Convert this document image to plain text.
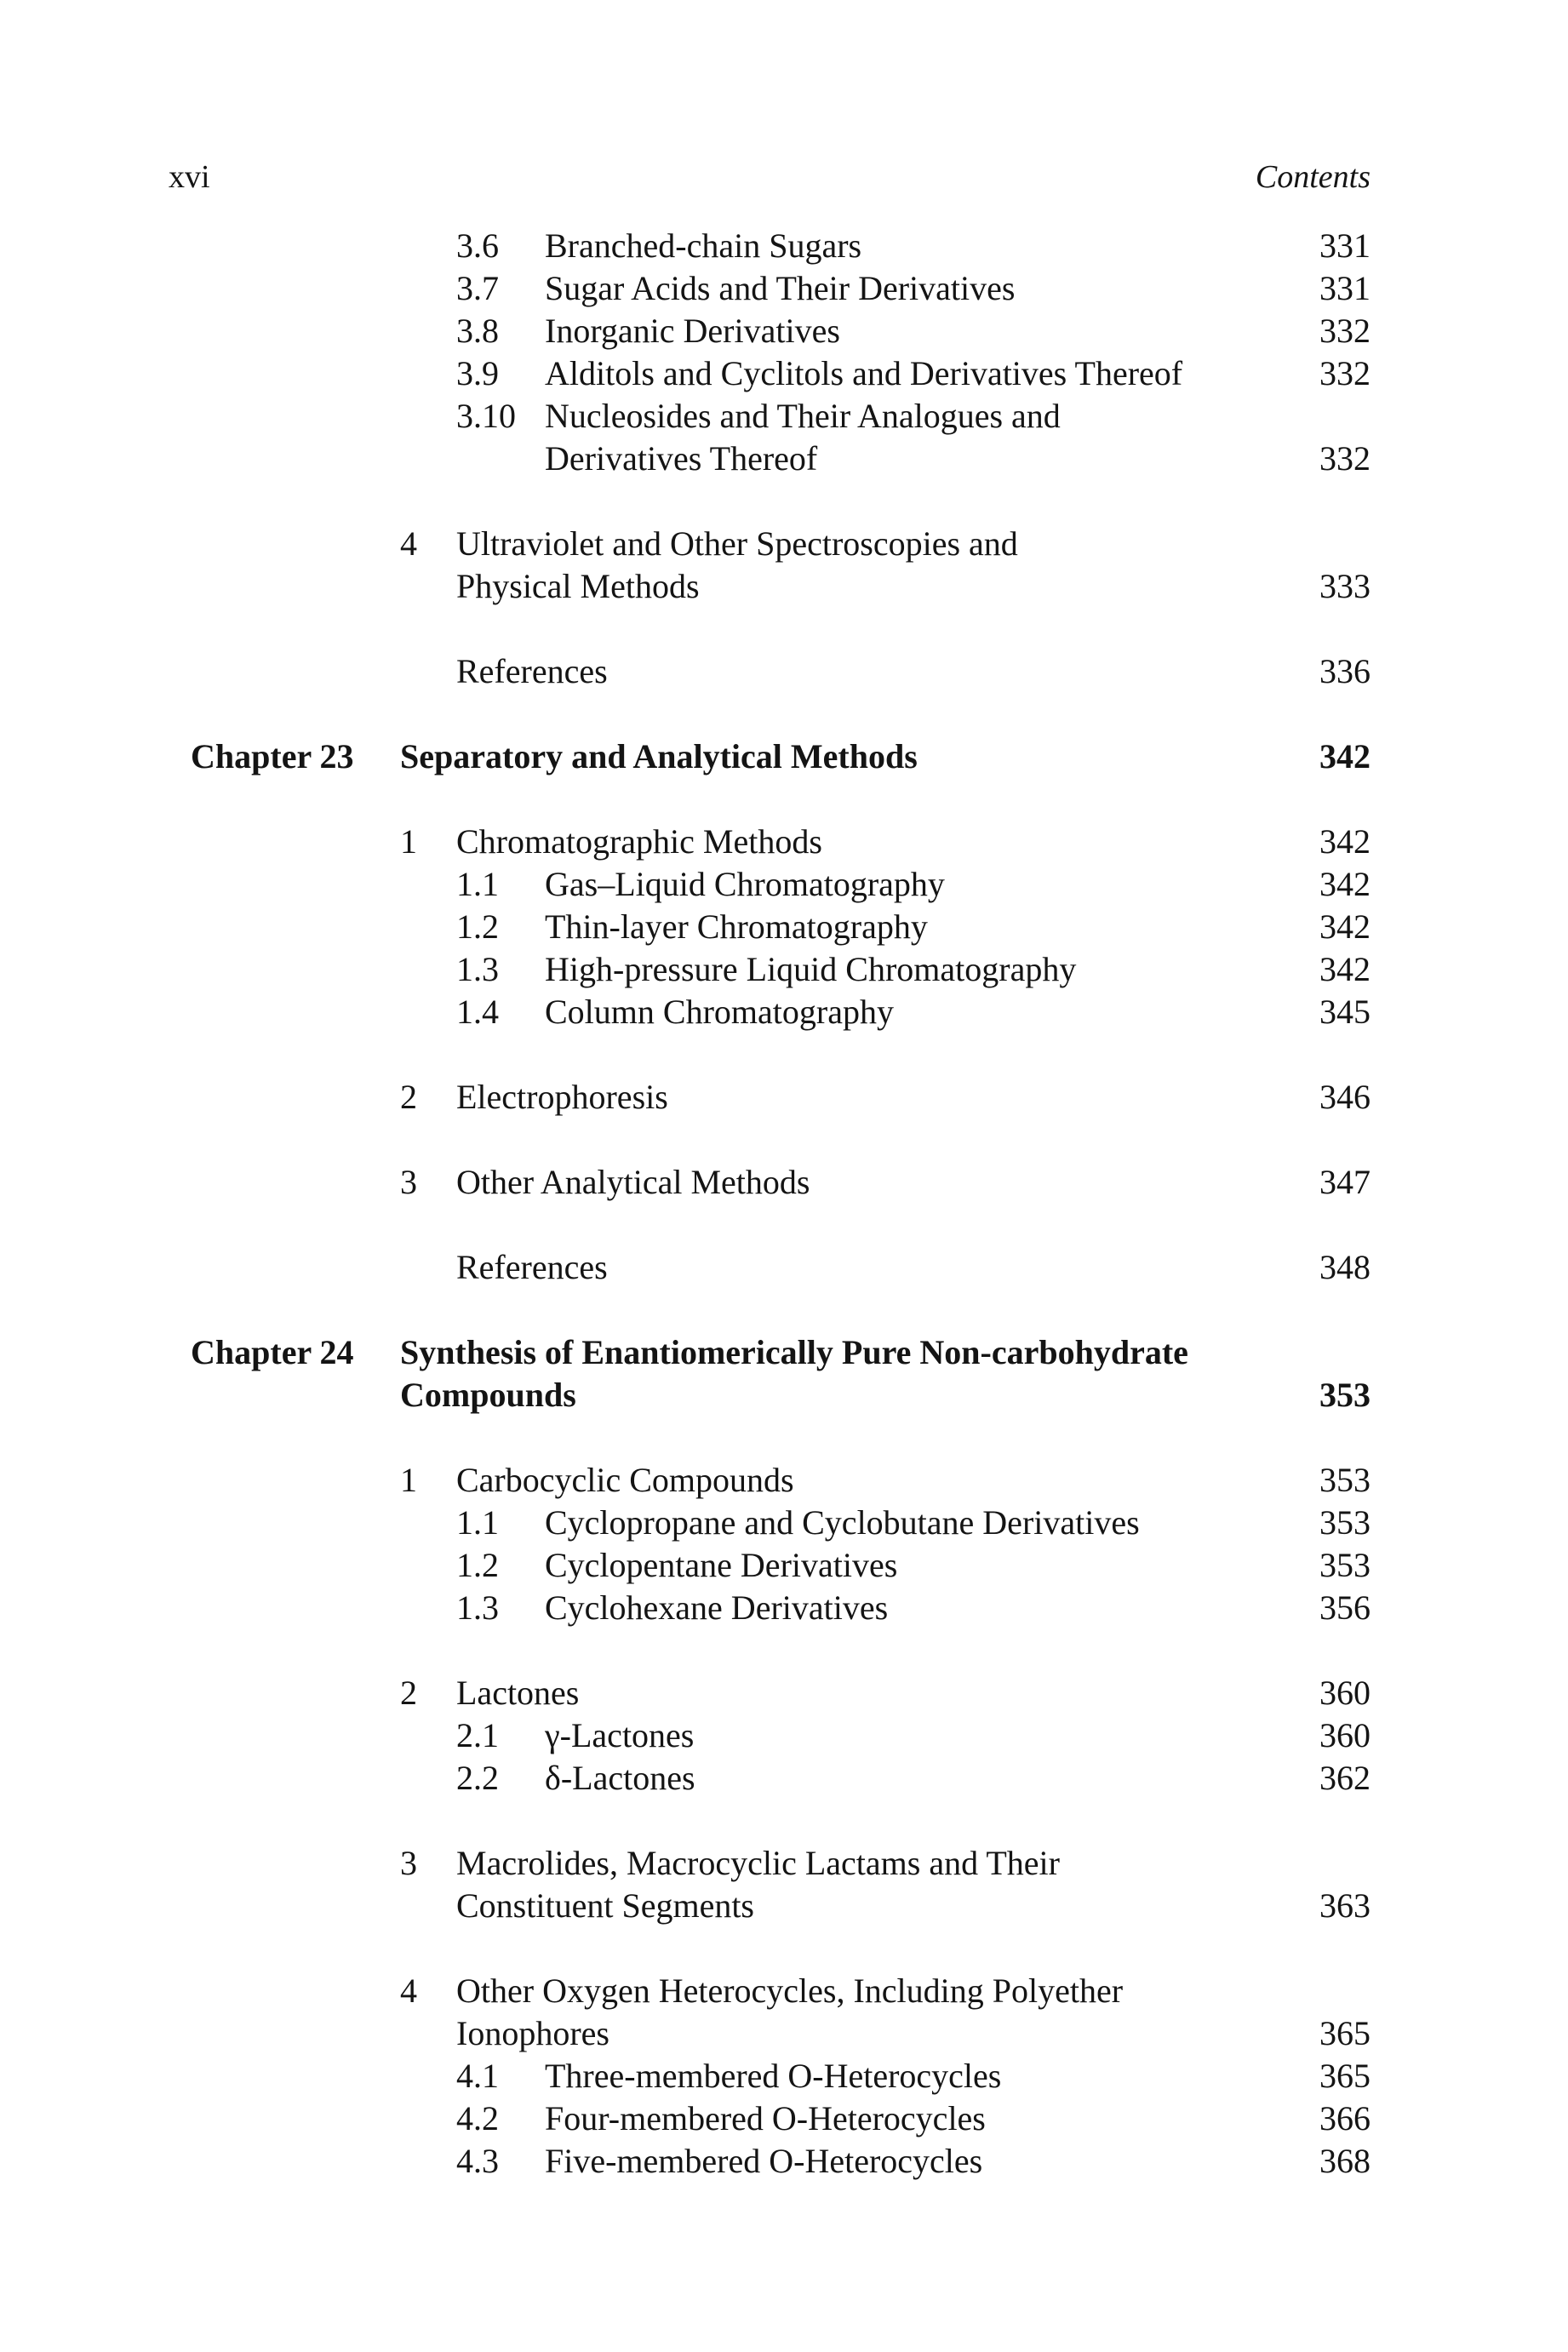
xvi	Contents
3.6 Branched-chain Sugars	331
3.7 Sugar Acids and Their Derivatives	331
3.8 Inorganic Derivatives	332
3.9 Alditols and Cyclitols and Derivatives Thereof	332
3.10 Nucleosides and Their Analogues and
Derivatives Thereof	332
4 Ultraviolet and Other Spectroscopies and
Physical Methods	333
References	336
Chapter 23 Separatory and Analytical Methods	342
1 Chromatographic Methods	342
1.1 Gas–Liquid Chromatography	342
1.2 Thin-layer Chromatography	342
1.3 High-pressure Liquid Chromatography	342
1.4 Column Chromatography	345
2 Electrophoresis	346
3 Other Analytical Methods	347
References	348
Chapter 24 Synthesis of Enantiomerically Pure Non-carbohydrate
Compounds	353
1 Carbocyclic Compounds	353
1.1 Cyclopropane and Cyclobutane Derivatives	353
1.2 Cyclopentane Derivatives	353
1.3 Cyclohexane Derivatives	356
2 Lactones	360
2.1 γ-Lactones	360
2.2 δ-Lactones	362
3 Macrolides, Macrocyclic Lactams and Their
Constituent Segments	363
4 Other Oxygen Heterocycles, Including Polyether
Ionophores	365
4.1 Three-membered O-Heterocycles	365
4.2 Four-membered O-Heterocycles	366
4.3 Five-membered O-Heterocycles	368
